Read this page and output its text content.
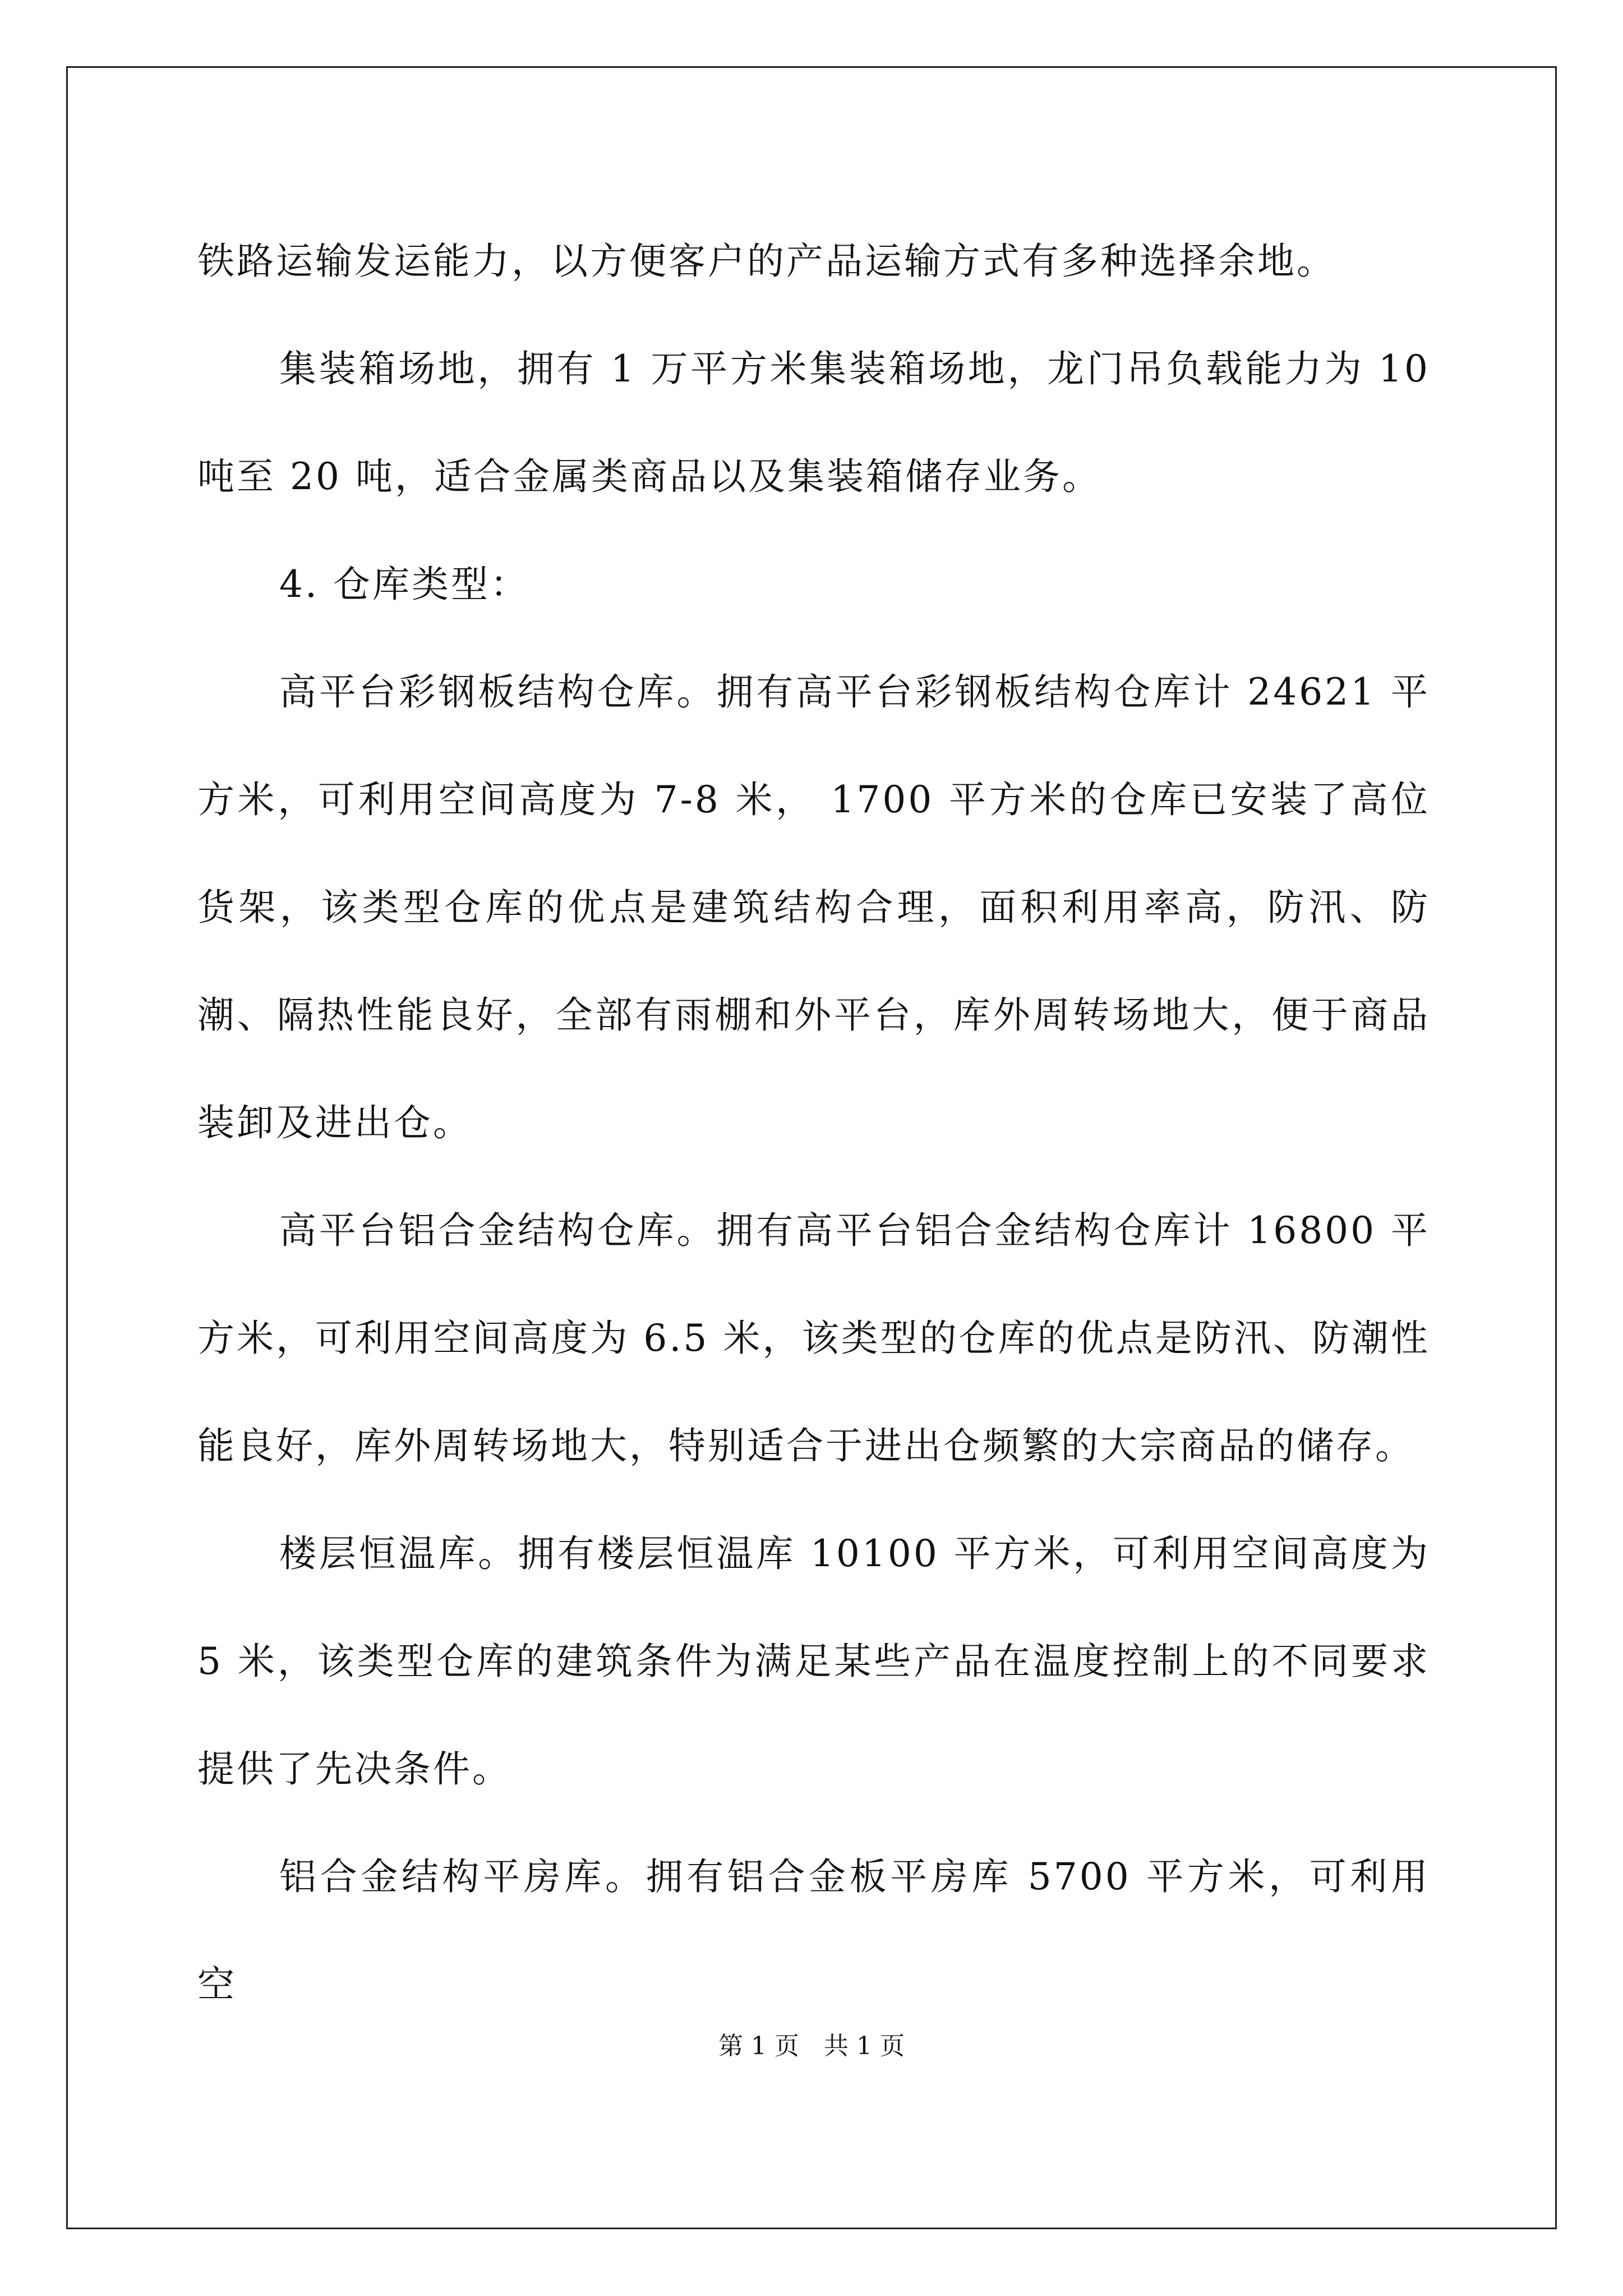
铁路运输发运能力，以方便客户的产品运输方式有多种选择余地。

集装箱场地，拥有 1 万平方米集装箱场地，龙门吊负载能力为 10 吨至 20 吨，适合金属类商品以及集装箱储存业务。

4. 仓库类型：

高平台彩钢板结构仓库。拥有高平台彩钢板结构仓库计 24621 平方米，可利用空间高度为 7-8 米， 1700 平方米的仓库已安装了高位货架，该类型仓库的优点是建筑结构合理，面积利用率高，防汛、防潮、隔热性能良好，全部有雨棚和外平台，库外周转场地大，便于商品装卸及进出仓。

高平台铝合金结构仓库。拥有高平台铝合金结构仓库计 16800 平方米，可利用空间高度为 6.5 米，该类型的仓库的优点是防汛、防潮性能良好，库外周转场地大，特别适合于进出仓频繁的大宗商品的储存。

楼层恒温库。拥有楼层恒温库 10100 平方米，可利用空间高度为 5 米，该类型仓库的建筑条件为满足某些产品在温度控制上的不同要求提供了先决条件。

铝合金结构平房库。拥有铝合金板平房库 5700 平方米，可利用空

第 1 页　共 1 页
